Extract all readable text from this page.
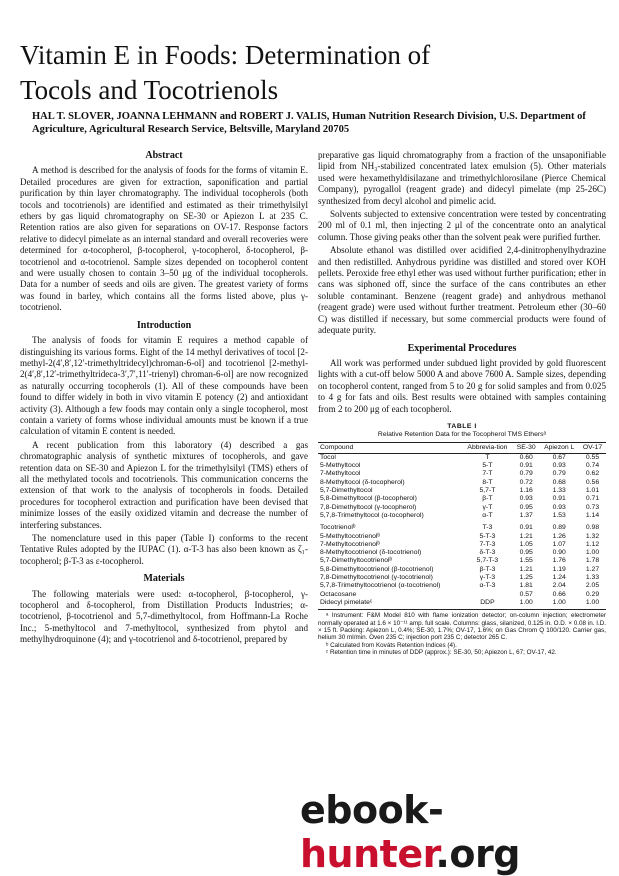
Vitamin E in Foods: Determination of
Tocols and Tocotrienols

HAL T. SLOVER, JOANNA LEHMANN and ROBERT J. VALIS, Human Nutrition Research Division, U.S. Department of Agriculture, Agricultural Research Service, Beltsville, Maryland 20705

Abstract

A method is described for the analysis of foods for the forms of vitamin E. Detailed procedures are given for extraction, saponification and partial purification by thin layer chromatography. The individual tocopherols (both tocols and tocotrienols) are identified and estimated as their trimethylsilyl ethers by gas liquid chromatography on SE-30 or Apiezon L at 235 C. Retention ratios are also given for separations on OV-17. Response factors relative to didecyl pimelate as an internal standard and overall recoveries were determined for α-tocopherol, β-tocopherol, γ-tocopherol, δ-tocopherol, β-tocotrienol and α-tocotrienol. Sample sizes depended on tocopherol content and were usually chosen to contain 3–50 μg of the individual tocopherols. Data for a number of seeds and oils are given. The greatest variety of forms was found in barley, which contains all the forms listed above, plus γ-tocotrienol.

Introduction

The analysis of foods for vitamin E requires a method capable of distinguishing its various forms. Eight of the 14 methyl derivatives of tocol [2-methyl-2(4′,8′,12′-trimethyltridecyl)chroman-6-ol] and tocotrienol [2-methyl-2(4′,8′,12′-trimethyltrideca-3′,7′,11′-trienyl) chroman-6-ol] are now recognized as naturally occurring tocopherols (1). All of these compounds have been found to differ widely in both in vivo vitamin E potency (2) and antioxidant activity (3). Although a few foods may contain only a single tocopherol, most contain a variety of forms whose individual amounts must be known if a true calculation of vitamin E content is needed.

A recent publication from this laboratory (4) described a gas chromatographic analysis of synthetic mixtures of tocopherols, and gave retention data on SE-30 and Apiezon L for the trimethylsilyl (TMS) ethers of all the methylated tocols and tocotrienols. This communication concerns the extension of that work to the analysis of tocopherols in foods. Detailed procedures for tocopherol extraction and purification have been devised that minimize losses of the easily oxidized vitamin and decrease the number of interfering substances.

The nomenclature used in this paper (Table I) conforms to the recent Tentative Rules adopted by the IUPAC (1). α-T-3 has also been known as ζ₁-tocopherol; β-T-3 as ε-tocopherol.

Materials

The following materials were used: α-tocopherol, β-tocopherol, γ-tocopherol and δ-tocopherol, from Distillation Products Industries; α-tocotrienol, β-tocotrienol and 5,7-dimethyltocol, from Hoffmann-La Roche Inc.; 5-methyltocol and 7-methyltocol, synthesized from phytol and methylhydroquinone (4); and γ-tocotrienol and δ-tocotrienol, prepared by

preparative gas liquid chromatography from a fraction of the unsaponifiable lipid from NH₃-stabilized concentrated latex emulsion (5). Other materials used were hexamethyldisilazane and trimethylchlorosilane (Pierce Chemical Company), pyrogallol (reagent grade) and didecyl pimelate (mp 25-26C) synthesized from decyl alcohol and pimelic acid.

Solvents subjected to extensive concentration were tested by concentrating 200 ml of 0.1 ml, then injecting 2 μl of the concentrate onto an analytical column. Those giving peaks other than the solvent peak were purified further.

Absolute ethanol was distilled over acidified 2,4-dinitrophenylhydrazine and then redistilled. Anhydrous pyridine was distilled and stored over KOH pellets. Peroxide free ethyl ether was used without further purification; ether in cans was siphoned off, since the surface of the cans contributes an ether soluble contaminant. Benzene (reagent grade) and anhydrous methanol (reagent grade) were used without further treatment. Petroleum ether (30–60 C) was distilled if necessary, but some commercial products were found of adequate purity.

Experimental Procedures

All work was performed under subdued light provided by gold fluorescent lights with a cut-off below 5000 A and above 7600 A. Sample sizes, depending on tocopherol content, ranged from 5 to 20 g for solid samples and from 0.025 to 4 g for fats and oils. Best results were obtained with samples containing from 2 to 200 μg of each tocopherol.

TABLE I
Relative Retention Data for the Tocopherol TMS Ethersᵃ
Compound	Abbrevia-tion	SE-30	Apiezon L	OV-17
Tocol	T	0.60	0.67	0.55
5-Methyltocol	5-T	0.91	0.93	0.74
7-Methyltocol	7-T	0.79	0.79	0.62
8-Methyltocol (δ-tocopherol)	8-T	0.72	0.68	0.56
5,7-Dimethyltocol	5,7-T	1.16	1.33	1.01
5,8-Dimethyltocol (β-tocopherol)	β-T	0.93	0.91	0.71
7,8-Dimethyltocol (γ-tocopherol)	γ-T	0.95	0.93	0.73
5,7,8-Trimethyltocol (α-tocopherol)	α-T	1.37	1.53	1.14
Tocotrienolᵇ	T-3	0.91	0.89	0.98
5-Methyltocotrienolᵇ	5-T-3	1.21	1.26	1.32
7-Methyltocotrienolᵇ	7-T-3	1.05	1.07	1.12
8-Methyltocotrienol (δ-tocotrienol)	δ-T-3	0.95	0.90	1.00
5,7-Dimethyltocotrienolᵇ	5,7-T-3	1.55	1.76	1.78
5,8-Dimethyltocotrienol (β-tocotrienol)	β-T-3	1.21	1.19	1.27
7,8-Dimethyltocotrienol (γ-tocotrienol)	γ-T-3	1.25	1.24	1.33
5,7,8-Trimethyltocotrienol (α-tocotrienol)	α-T-3	1.81	2.04	2.05
Octacosane		0.57	0.66	0.29
Didecyl pimelateᶜ	DDP	1.00	1.00	1.00
ᵃ Instrument: F&M Model 810 with flame ionization detector; on-column injection; electrometer normally operated at 1.6 × 10⁻¹¹ amp. full scale. Columns: glass, silanized, 0.125 in. O.D. × 0.08 in. I.D. × 15 ft. Packing: Apiezon L, 0.4%; SE-30, 1.7%; OV-17, 1.6%; on Gas Chrom Q 100/120. Carrier gas, helium 30 ml/min. Oven 235 C; injection port 235 C; detector 265 C.
ᵇ Calculated from Kováts Retention Indices (4).
ᶜ Retention time in minutes of DDP (approx.): SE-30, 50; Apiezon L, 67; OV-17, 42.
ebook-hunter.org
